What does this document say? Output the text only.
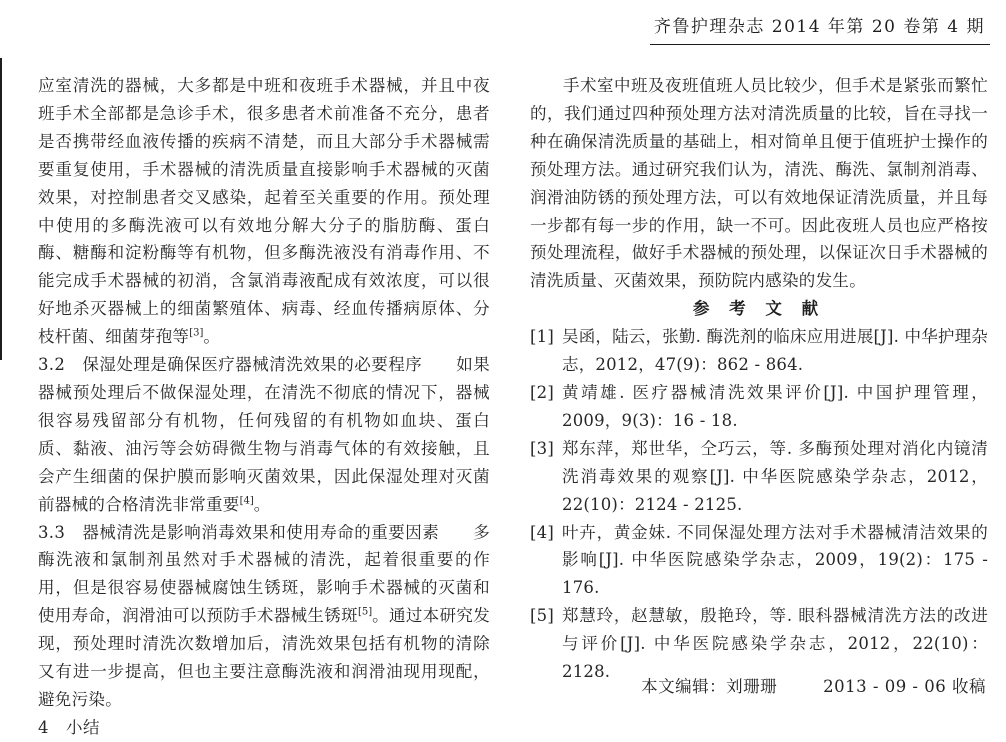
齐鲁护理杂志 2014 年第 20 卷第 4 期

应室清洗的器械，大多都是中班和夜班手术器械，并且中夜班手术全部都是急诊手术，很多患者术前准备不充分，患者是否携带经血液传播的疾病不清楚，而且大部分手术器械需要重复使用，手术器械的清洗质量直接影响手术器械的灭菌效果，对控制患者交叉感染，起着至关重要的作用。预处理中使用的多酶洗液可以有效地分解大分子的脂肪酶、蛋白酶、糖酶和淀粉酶等有机物，但多酶洗液没有消毒作用、不能完成手术器械的初消，含氯消毒液配成有效浓度，可以很好地杀灭器械上的细菌繁殖体、病毒、经血传播病原体、分枝杆菌、细菌芽孢等[3]。

3.2　保湿处理是确保医疗器械清洗效果的必要程序　　如果器械预处理后不做保湿处理，在清洗不彻底的情况下，器械很容易残留部分有机物，任何残留的有机物如血块、蛋白质、黏液、油污等会妨碍微生物与消毒气体的有效接触，且会产生细菌的保护膜而影响灭菌效果，因此保湿处理对灭菌前器械的合格清洗非常重要[4]。

3.3　器械清洗是影响消毒效果和使用寿命的重要因素　　多酶洗液和氯制剂虽然对手术器械的清洗，起着很重要的作用，但是很容易使器械腐蚀生锈斑，影响手术器械的灭菌和使用寿命，润滑油可以预防手术器械生锈斑[5]。通过本研究发现，预处理时清洗次数增加后，清洗效果包括有机物的清除又有进一步提高，但也主要注意酶洗液和润滑油现用现配，避免污染。

4　小结

手术室中班及夜班值班人员比较少，但手术是紧张而繁忙的，我们通过四种预处理方法对清洗质量的比较，旨在寻找一种在确保清洗质量的基础上，相对简单且便于值班护士操作的预处理方法。通过研究我们认为，清洗、酶洗、氯制剂消毒、润滑油防锈的预处理方法，可以有效地保证清洗质量，并且每一步都有每一步的作用，缺一不可。因此夜班人员也应严格按预处理流程，做好手术器械的预处理，以保证次日手术器械的清洗质量、灭菌效果，预防院内感染的发生。

参 考 文 献
[1] 吴函，陆云，张勤. 酶洗剂的临床应用进展[J]. 中华护理杂志，2012，47(9)：862 - 864.
[2] 黄靖雄. 医疗器械清洗效果评价[J]. 中国护理管理，2009，9(3)：16 - 18.
[3] 郑东萍，郑世华，仝巧云，等. 多酶预处理对消化内镜清洗消毒效果的观察[J]. 中华医院感染学杂志，2012，22(10)：2124 - 2125.
[4] 叶卉，黄金妹. 不同保湿处理方法对手术器械清洁效果的影响[J]. 中华医院感染学杂志，2009，19(2)：175 - 176.
[5] 郑慧玲，赵慧敏，殷艳玲，等. 眼科器械清洗方法的改进与评价[J]. 中华医院感染学杂志，2012，22(10)：2128.
本文编辑：刘珊珊	2013 - 09 - 06 收稿
